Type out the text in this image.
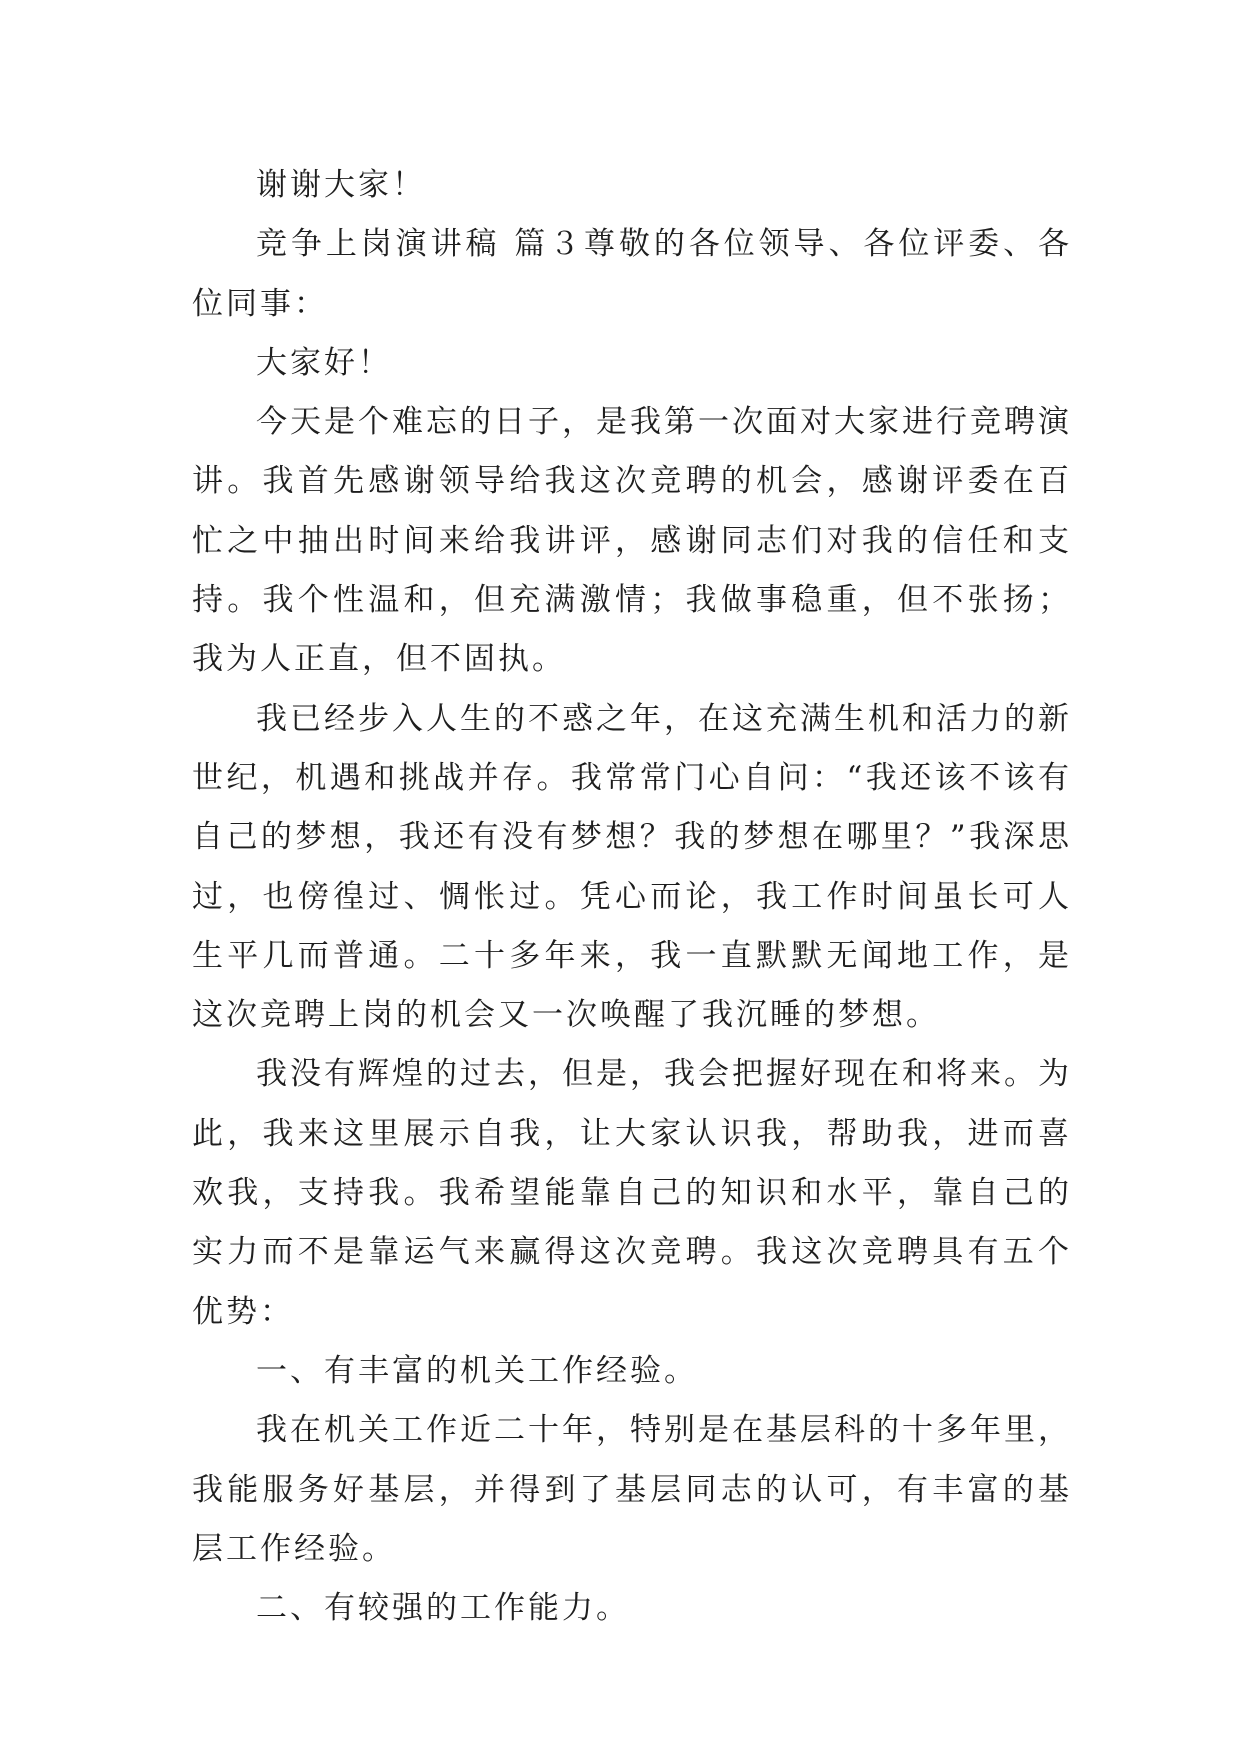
谢谢大家！

竞争上岗演讲稿 篇３尊敬的各位领导、各位评委、各位同事：

大家好！

今天是个难忘的日子，是我第一次面对大家进行竞聘演讲。我首先感谢领导给我这次竞聘的机会，感谢评委在百忙之中抽出时间来给我讲评，感谢同志们对我的信任和支持。我个性温和，但充满激情；我做事稳重，但不张扬；我为人正直，但不固执。

我已经步入人生的不惑之年，在这充满生机和活力的新世纪，机遇和挑战并存。我常常门心自问：“我还该不该有自己的梦想，我还有没有梦想？我的梦想在哪里？”我深思过，也傍徨过、惆怅过。凭心而论，我工作时间虽长可人生平几而普通。二十多年来，我一直默默无闻地工作，是这次竞聘上岗的机会又一次唤醒了我沉睡的梦想。

我没有辉煌的过去，但是，我会把握好现在和将来。为此，我来这里展示自我，让大家认识我，帮助我，进而喜欢我，支持我。我希望能靠自己的知识和水平，靠自己的实力而不是靠运气来赢得这次竞聘。我这次竞聘具有五个优势：

一、有丰富的机关工作经验。

我在机关工作近二十年，特别是在基层科的十多年里，我能服务好基层，并得到了基层同志的认可，有丰富的基层工作经验。

二、有较强的工作能力。
